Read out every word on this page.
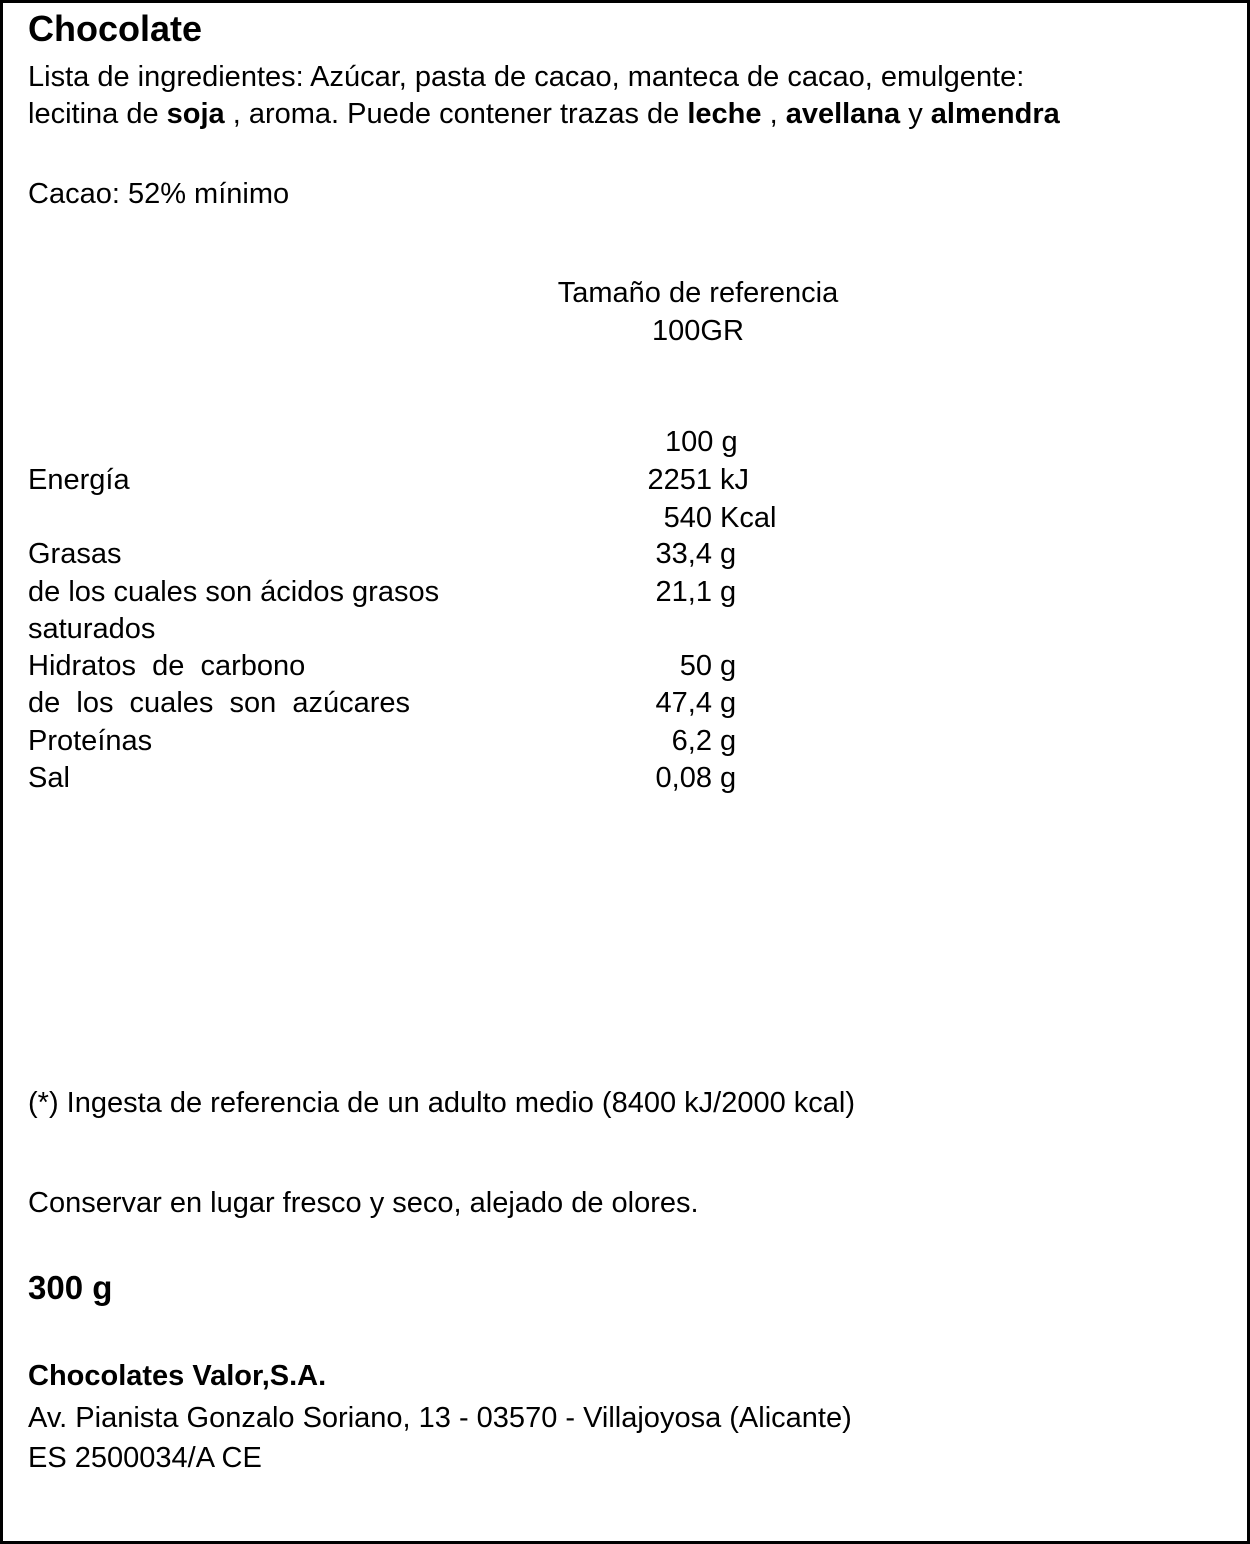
Chocolate
Lista de ingredientes: Azúcar, pasta de cacao, manteca de cacao, emulgente:
lecitina de soja , aroma. Puede contener trazas de leche , avellana y almendra
Cacao: 52% mínimo
Tamaño de referencia
100GR
100 g
Energía	2251 kJ
540 Kcal
Grasas	33,4 g
de los cuales son ácidos grasos	21,1 g
saturados
Hidratos  de  carbono	50 g
de  los  cuales  son  azúcares	47,4 g
Proteínas	6,2 g
Sal	0,08 g
(*) Ingesta de referencia de un adulto medio (8400 kJ/2000 kcal)
Conservar en lugar fresco y seco, alejado de olores.
300 g
Chocolates Valor,S.A.
Av. Pianista Gonzalo Soriano, 13 - 03570 - Villajoyosa (Alicante)
ES 2500034/A CE
